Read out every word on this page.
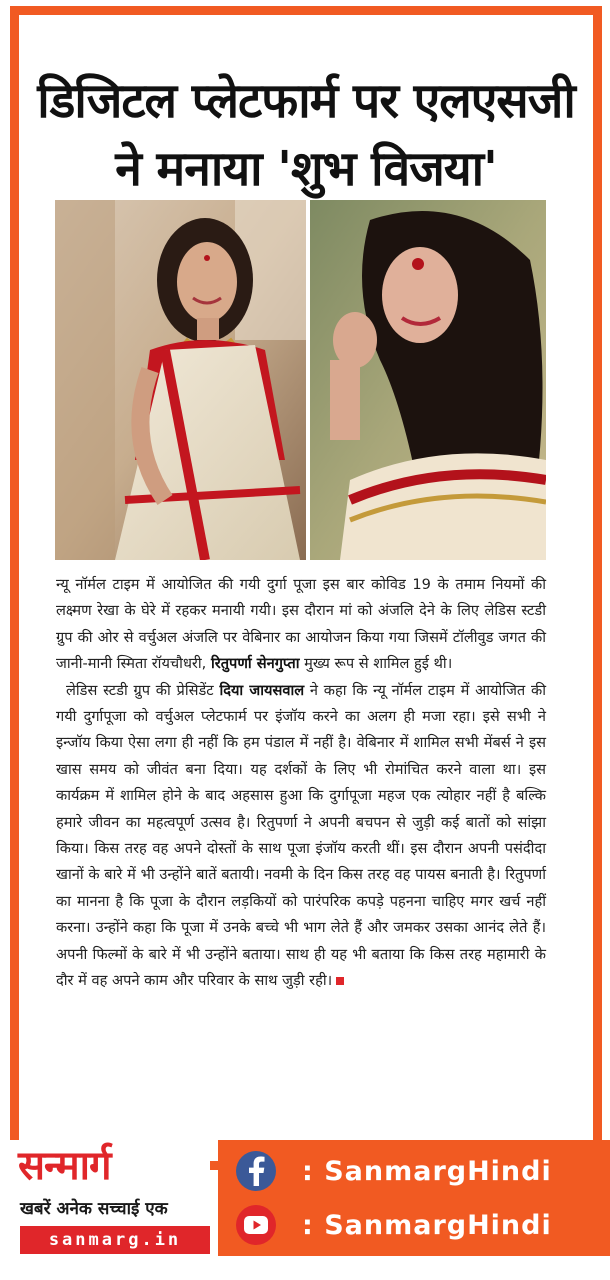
डिजिटल प्लेटफार्म पर एलएसजी
ने मनाया 'शुभ विजया'

न्यू नॉर्मल टाइम में आयोजित की गयी दुर्गा पूजा इस बार कोविड 19 के तमाम नियमों की लक्ष्मण रेखा के घेरे में रहकर मनायी गयी। इस दौरान मां को अंजलि देने के लिए लेडिस स्टडी ग्रुप की ओर से वर्चुअल अंजलि पर वेबिनार का आयोजन किया गया जिसमें टॉलीवुड जगत की जानी-मानी स्मिता रॉयचौधरी, रितुपर्णा सेनगुप्ता मुख्य रूप से शामिल हुई थी।

लेडिस स्टडी ग्रुप की प्रेसिडेंट दिया जायसवाल ने कहा कि न्यू नॉर्मल टाइम में आयोजित की गयी दुर्गापूजा को वर्चुअल प्लेटफार्म पर इंजॉय करने का अलग ही मजा रहा। इसे सभी ने इन्जॉय किया ऐसा लगा ही नहीं कि हम पंडाल में नहीं है। वेबिनार में शामिल सभी मेंबर्स ने इस खास समय को जीवंत बना दिया। यह दर्शकों के लिए भी रोमांचित करने वाला था। इस कार्यक्रम में शामिल होने के बाद अहसास हुआ कि दुर्गापूजा महज एक त्योहार नहीं है बल्कि हमारे जीवन का महत्वपूर्ण उत्सव है। रितुपर्णा ने अपनी बचपन से जुड़ी कई बातों को सांझा किया। किस तरह वह अपने दोस्तों के साथ पूजा इंजॉय करती थीं। इस दौरान अपनी पसंदीदा खानों के बारे में भी उन्होंने बातें बतायी। नवमी के दिन किस तरह वह पायस बनाती है। रितुपर्णा का मानना है कि पूजा के दौरान लड़कियों को पारंपरिक कपड़े पहनना चाहिए मगर खर्च नहीं करना। उन्होंने कहा कि पूजा में उनके बच्चे भी भाग लेते हैं और जमकर उसका आनंद लेते हैं। अपनी फिल्मों के बारे में भी उन्होंने बताया। साथ ही यह भी बताया कि किस तरह महामारी के दौर में वह अपने काम और परिवार के साथ जुड़ी रही।

सन्मार्ग
खबरें अनेक सच्चाई एक
sanmarg.in
: SanmargHindi
: SanmargHindi
